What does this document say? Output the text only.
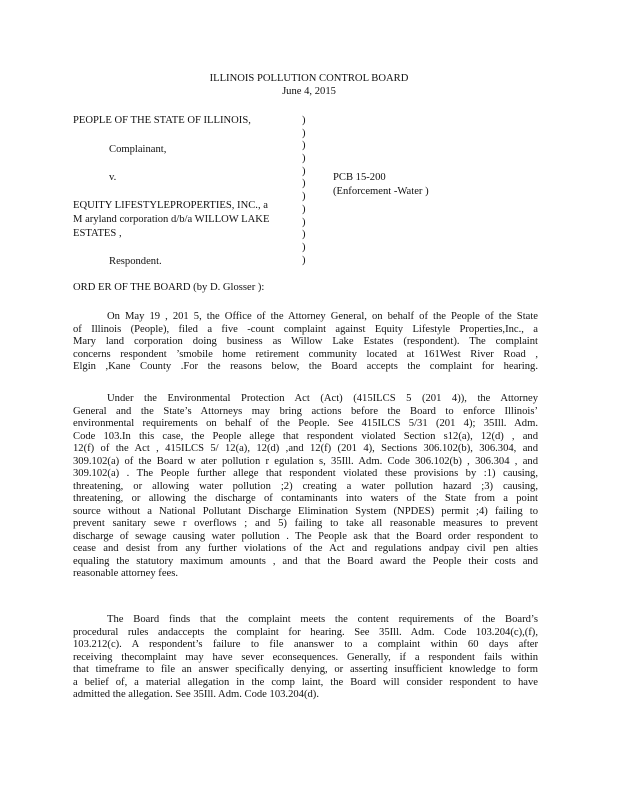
ILLINOIS POLLUTION CONTROL BOARD
June 4, 2015
PEOPLE OF THE STATE OF ILLINOIS,
Complainant,
v.
EQUITY LIFESTYLEPROPERTIES, INC., a
M aryland corporation d/b/a WILLOW LAKE
ESTATES ,
Respondent.
)
)
)
)
)
)
)
)
)
)
)
)
PCB 15-200
(Enforcement -Water )
ORD ER OF THE BOARD (by D. Glosser ):
On May 19 , 201 5, the Office of the Attorney General, on behalf of the People of the State
of Illinois (People), filed a five -count complaint against Equity Lifestyle Properties,Inc., a
Mary land corporation doing business as Willow Lake Estates (respondent). The complaint
concerns respondent ’smobile home retirement community located at 161West River Road ,
Elgin ,Kane County .For the reasons below, the Board accepts the complaint for hearing.
Under the Environmental Protection Act (Act) (415ILCS 5 (201 4)), the Attorney
General and the State’s Attorneys may bring actions before the Board to enforce Illinois’
environmental requirements on behalf of the People. See 415ILCS 5/31 (201 4); 35Ill. Adm.
Code 103.In this case, the People allege that respondent violated Section s12(a), 12(d) , and
12(f) of the Act , 415ILCS 5/ 12(a), 12(d) ,and 12(f) (201 4), Sections 306.102(b), 306.304, and
309.102(a) of the Board w ater pollution r egulation s, 35Ill. Adm. Code 306.102(b) , 306.304 , and
309.102(a) . The People further allege that respondent violated these provisions by :1) causing,
threatening, or allowing water pollution ;2) creating a water pollution hazard ;3) causing,
threatening, or allowing the discharge of contaminants into waters of the State from a point
source without a National Pollutant Discharge Elimination System (NPDES) permit ;4) failing to
prevent sanitary sewe r overflows ; and 5) failing to take all reasonable measures to prevent
discharge of sewage causing water pollution . The People ask that the Board order respondent to
cease and desist from any further violations of the Act and regulations andpay civil pen alties
equaling the statutory maximum amounts , and that the Board award the People their costs and
reasonable attorney fees.
The Board finds that the complaint meets the content requirements of the Board’s
procedural rules andaccepts the complaint for hearing. See 35Ill. Adm. Code 103.204(c),(f),
103.212(c). A respondent’s failure to file ananswer to a complaint within 60 days after
receiving thecomplaint may have sever econsequences. Generally, if a respondent fails within
that timeframe to file an answer specifically denying, or asserting insufficient knowledge to form
a belief of, a material allegation in the comp laint, the Board will consider respondent to have
admitted the allegation. See 35Ill. Adm. Code 103.204(d).
